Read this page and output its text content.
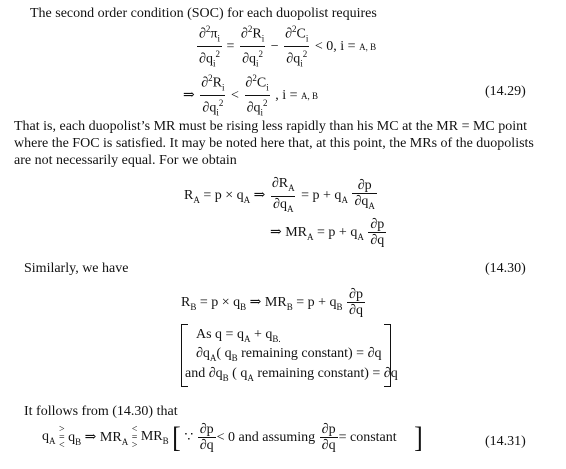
The second order condition (SOC) for each duopolist requires
$\frac{\partial^2\pi_i}{\partial q_i^2} = \frac{\partial^2R_i}{\partial q_i^2} - \frac{\partial^2C_i}{\partial q_i^2} < 0$, i = A, B
⇒ $\frac{\partial^2R_i}{\partial q_i^2} < \frac{\partial^2C_i}{\partial q_i^2}$ , i = A, B	(14.29)
That is, each duopolist’s MR must be rising less rapidly than his MC at the MR = MC point where the FOC is satisfied. It may be noted here that, at this point, the MRs of the duopolists are not necessarily equal. For we obtain
$R_A = p \times q_A$ ⇒ $\frac{\partial R_A}{\partial q_A} = p + q_A \frac{\partial p}{\partial q_A}$
⇒ $MR_A = p + q_A \frac{\partial p}{\partial q}$
Similarly, we have	(14.30)
$R_B = p \times q_B$ ⇒ $MR_B = p + q_B \frac{\partial p}{\partial q}$
As $q = q_A + q_{B.}$
$\partial q_A$( $q_B$ remaining constant) = ∂q
and $\partial q_B$ ( $q_A$ remaining constant) = ∂q
It follows from (14.30) that
$q_A$
>
=
<
$q_B$ ⇒ $MR_A$
<
=
>
$MR_B$ [ ∵ $\frac{\partial p}{\partial q} < 0$ and assuming
$\frac{\partial p}{\partial q}$ = constant
]	(14.31)
